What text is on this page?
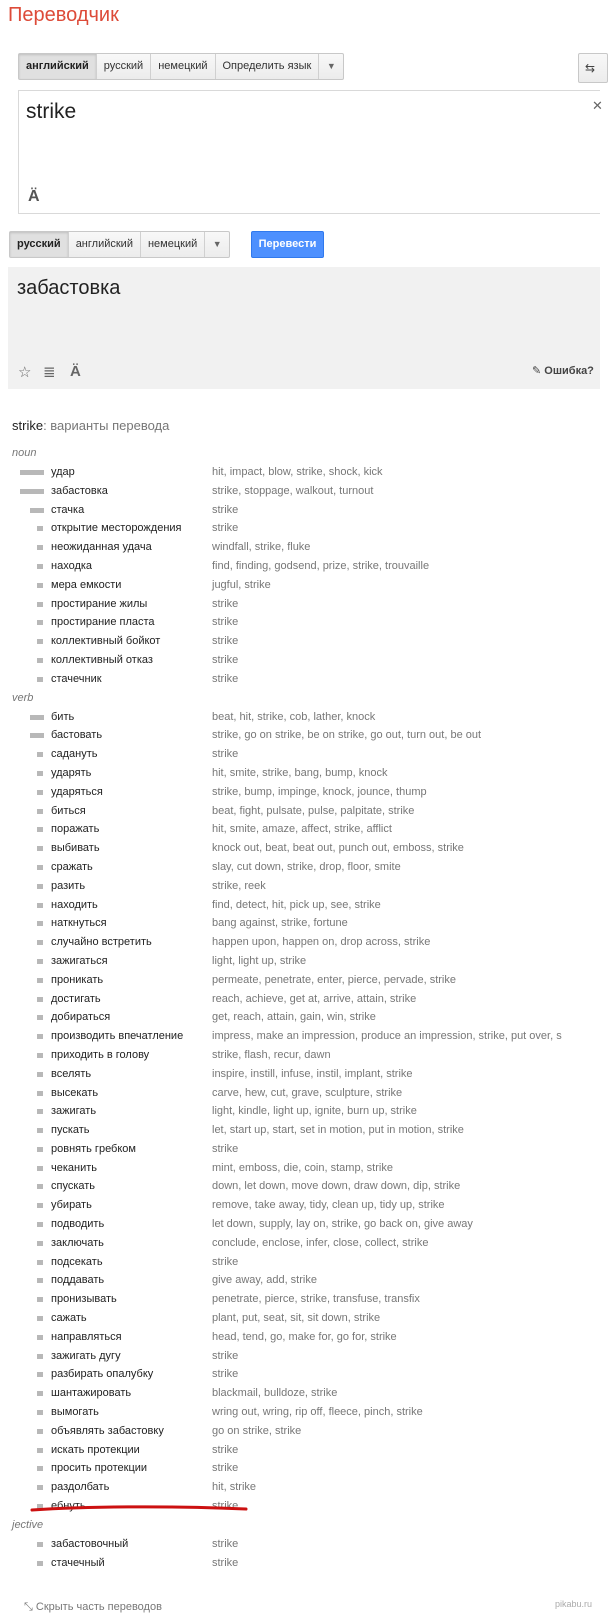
Переводчик
английский	русский	немецкий	Определить язык	▼	⇆
strike	✕
Ä
русский	английский	немецкий	▼	Перевести
забастовка
☆ ≣ Ä	✎ Ошибка?
strike: варианты перевода
noun
удар	hit, impact, blow, strike, shock, kick
забастовка	strike, stoppage, walkout, turnout
стачка	strike
открытие месторождения	strike
неожиданная удача	windfall, strike, fluke
находка	find, finding, godsend, prize, strike, trouvaille
мера емкости	jugful, strike
простирание жилы	strike
простирание пласта	strike
коллективный бойкот	strike
коллективный отказ	strike
стачечник	strike
verb
бить	beat, hit, strike, cob, lather, knock
бастовать	strike, go on strike, be on strike, go out, turn out, be out
садануть	strike
ударять	hit, smite, strike, bang, bump, knock
ударяться	strike, bump, impinge, knock, jounce, thump
биться	beat, fight, pulsate, pulse, palpitate, strike
поражать	hit, smite, amaze, affect, strike, afflict
выбивать	knock out, beat, beat out, punch out, emboss, strike
сражать	slay, cut down, strike, drop, floor, smite
разить	strike, reek
находить	find, detect, hit, pick up, see, strike
наткнуться	bang against, strike, fortune
случайно встретить	happen upon, happen on, drop across, strike
зажигаться	light, light up, strike
проникать	permeate, penetrate, enter, pierce, pervade, strike
достигать	reach, achieve, get at, arrive, attain, strike
добираться	get, reach, attain, gain, win, strike
производить впечатление	impress, make an impression, produce an impression, strike, put over, s
приходить в голову	strike, flash, recur, dawn
вселять	inspire, instill, infuse, instil, implant, strike
высекать	carve, hew, cut, grave, sculpture, strike
зажигать	light, kindle, light up, ignite, burn up, strike
пускать	let, start up, start, set in motion, put in motion, strike
ровнять гребком	strike
чеканить	mint, emboss, die, coin, stamp, strike
спускать	down, let down, move down, draw down, dip, strike
убирать	remove, take away, tidy, clean up, tidy up, strike
подводить	let down, supply, lay on, strike, go back on, give away
заключать	conclude, enclose, infer, close, collect, strike
подсекать	strike
поддавать	give away, add, strike
пронизывать	penetrate, pierce, strike, transfuse, transfix
сажать	plant, put, seat, sit, sit down, strike
направляться	head, tend, go, make for, go for, strike
зажигать дугу	strike
разбирать опалубку	strike
шантажировать	blackmail, bulldoze, strike
вымогать	wring out, wring, rip off, fleece, pinch, strike
объявлять забастовку	go on strike, strike
искать протекции	strike
просить протекции	strike
раздолбать	hit, strike
ебнуть	strike
jective
забастовочный	strike
стачечный	strike
⤡ Скрыть часть переводов	pikabu.ru
